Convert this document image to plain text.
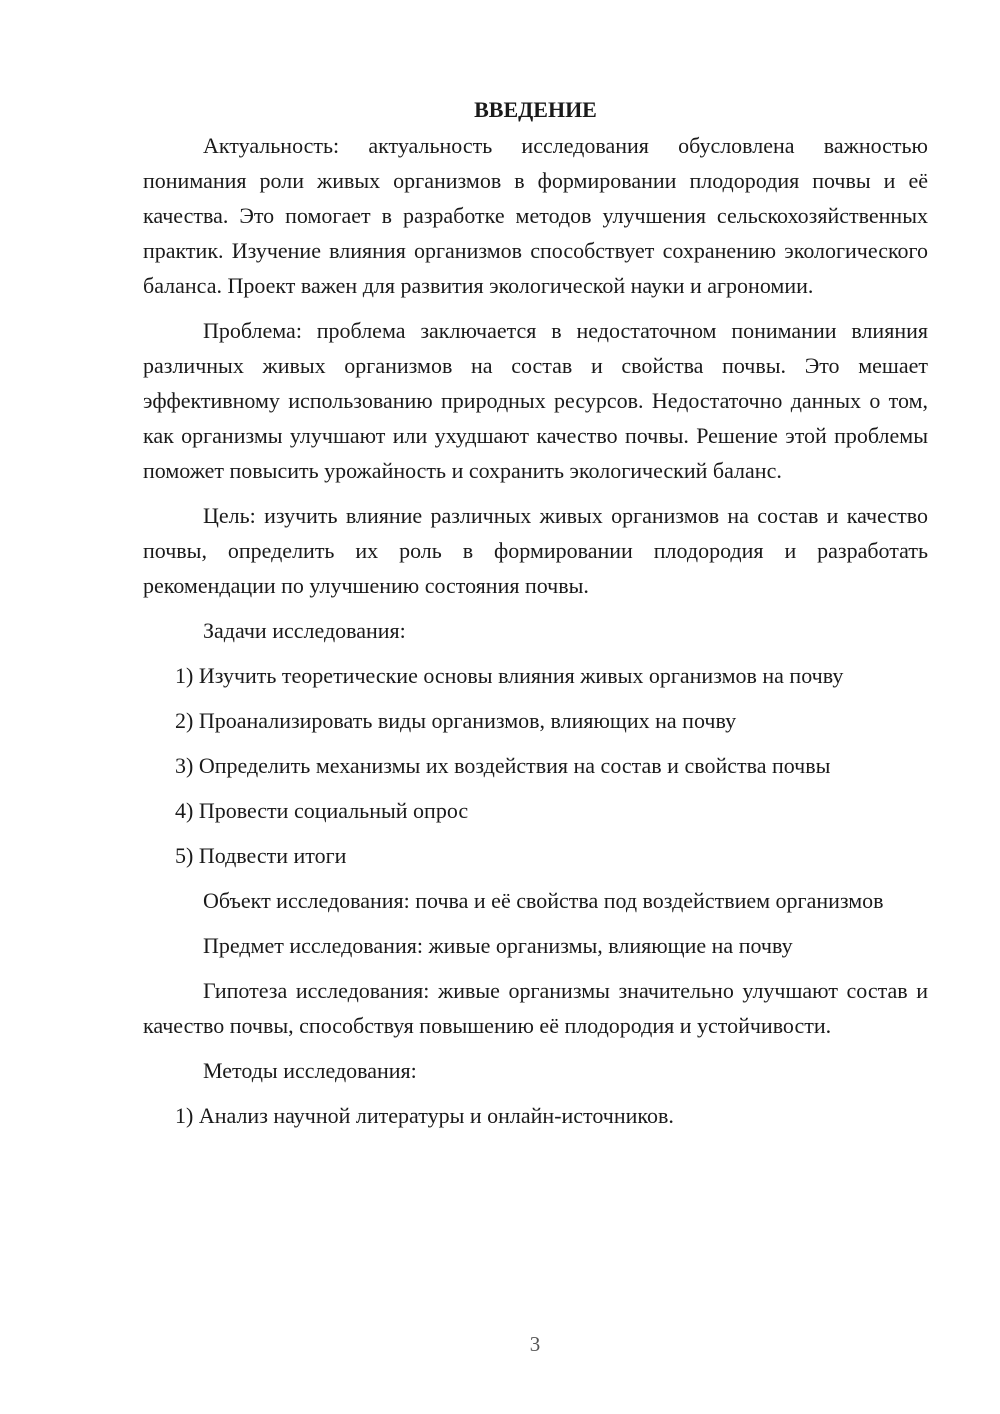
ВВЕДЕНИЕ

Актуальность: актуальность исследования обусловлена важностью понимания роли живых организмов в формировании плодородия почвы и её качества. Это помогает в разработке методов улучшения сельскохозяйственных практик. Изучение влияния организмов способствует сохранению экологического баланса. Проект важен для развития экологической науки и агрономии.

Проблема: проблема заключается в недостаточном понимании влияния различных живых организмов на состав и свойства почвы. Это мешает эффективному использованию природных ресурсов. Недостаточно данных о том, как организмы улучшают или ухудшают качество почвы. Решение этой проблемы поможет повысить урожайность и сохранить экологический баланс.

Цель: изучить влияние различных живых организмов на состав и качество почвы, определить их роль в формировании плодородия и разработать рекомендации по улучшению состояния почвы.

Задачи исследования:

1) Изучить теоретические основы влияния живых организмов на почву
2) Проанализировать виды организмов, влияющих на почву
3) Определить механизмы их воздействия на состав и свойства почвы
4) Провести социальный опрос
5) Подвести итоги

Объект исследования: почва и её свойства под воздействием организмов

Предмет исследования: живые организмы, влияющие на почву

Гипотеза исследования: живые организмы значительно улучшают состав и качество почвы, способствуя повышению её плодородия и устойчивости.

Методы исследования:

1) Анализ научной литературы и онлайн-источников.
3
